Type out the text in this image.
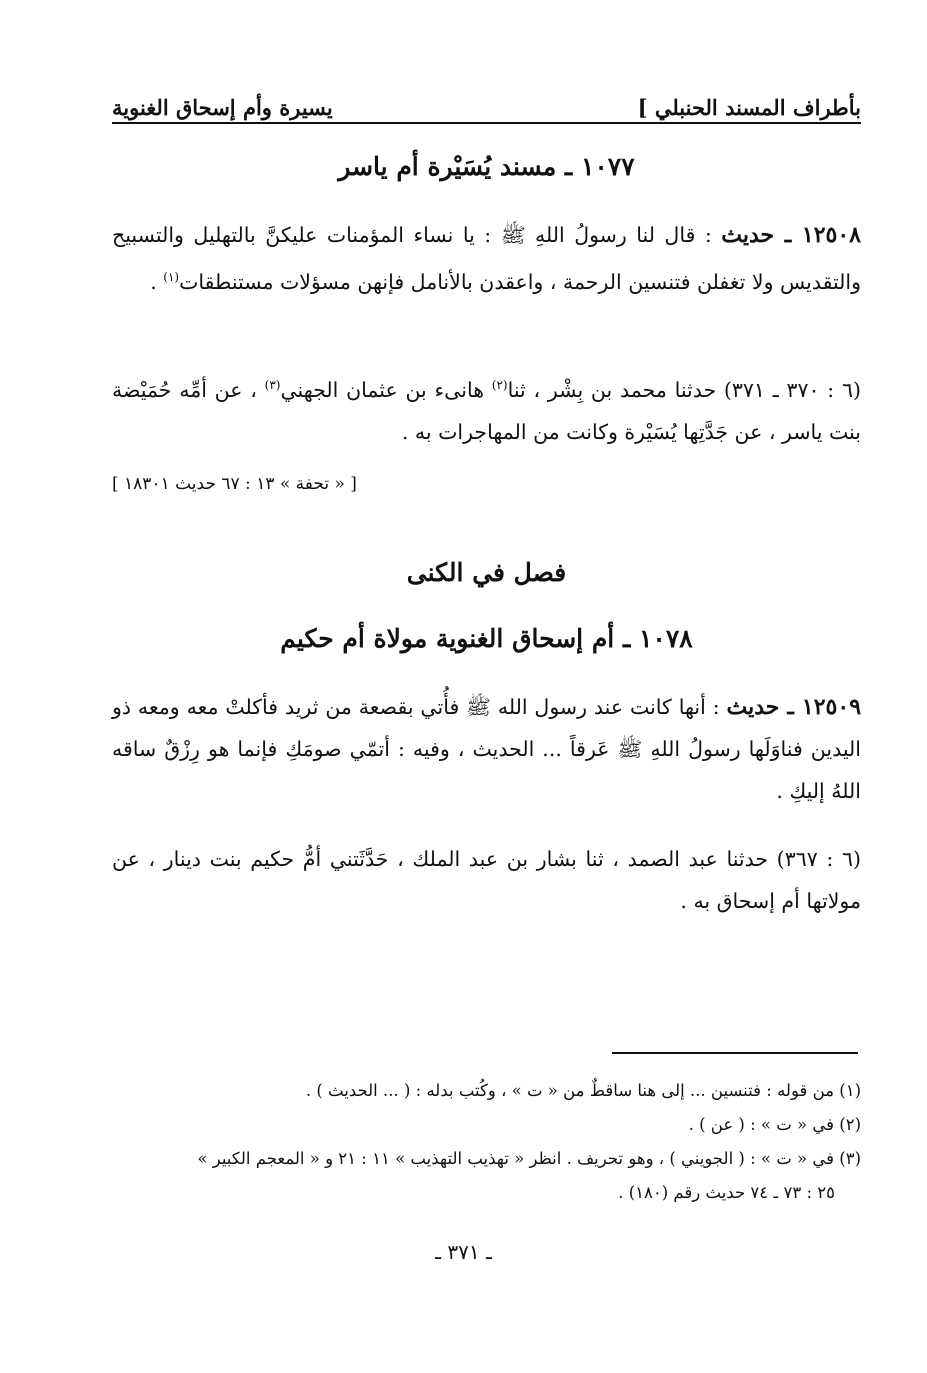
بأطراف المسند الحنبلي ]
يسيرة وأم إسحاق الغنوية
١٠٧٧ ـ مسند يُسَيْرة أم ياسر
١٢٥٠٨ ـ حديث : قال لنا رسولُ اللهِ ﷺ : يا نساء المؤمنات عليكنَّ بالتهليل والتسبيح والتقديس ولا تغفلن فتنسين الرحمة ، واعقدن بالأنامل فإنهن مسؤلات مستنطقات$^{(١)}$ .
(٦ : ٣٧٠ ـ ٣٧١) حدثنا محمد بن بِشْر ، ثنا$^{(٢)}$ هانىء بن عثمان الجهني$^{(٣)}$ ، عن أمِّه حُمَيْضة بنت ياسر ، عن جَدَّتِها يُسَيْرة وكانت من المهاجرات به .
[ « تحفة » ١٣ : ٦٧ حديث ١٨٣٠١ ]
فصل في الكنى
١٠٧٨ ـ أم إسحاق الغنوية مولاة أم حكيم
١٢٥٠٩ ـ حديث : أنها كانت عند رسول الله ﷺ فأُتي بقصعة من ثريد فأكلتْ معه ومعه ذو اليدين فناوَلَها رسولُ اللهِ ﷺ عَرقاً ... الحديث ، وفيه : أتمّي صومَكِ فإنما هو رِزْقٌ ساقه اللهُ إليكِ .
(٦ : ٣٦٧) حدثنا عبد الصمد ، ثنا بشار بن عبد الملك ، حَدَّثَتني أمُّ حكيم بنت دينار ، عن مولاتها أم إسحاق به .

(١) من قوله : فتنسين ... إلى هنا ساقطٌ من « ت » ، وكُتب بدله : ( ... الحديث ) .

(٢) في « ت » : ( عن ) .

(٣) في « ت » : ( الجويني ) ، وهو تحريف . انظر « تهذيب التهذيب » ١١ : ٢١ و « المعجم الكبير »
٢٥ : ٧٣ ـ ٧٤ حديث رقم (١٨٠) .

ـ ٣٧١ ـ
